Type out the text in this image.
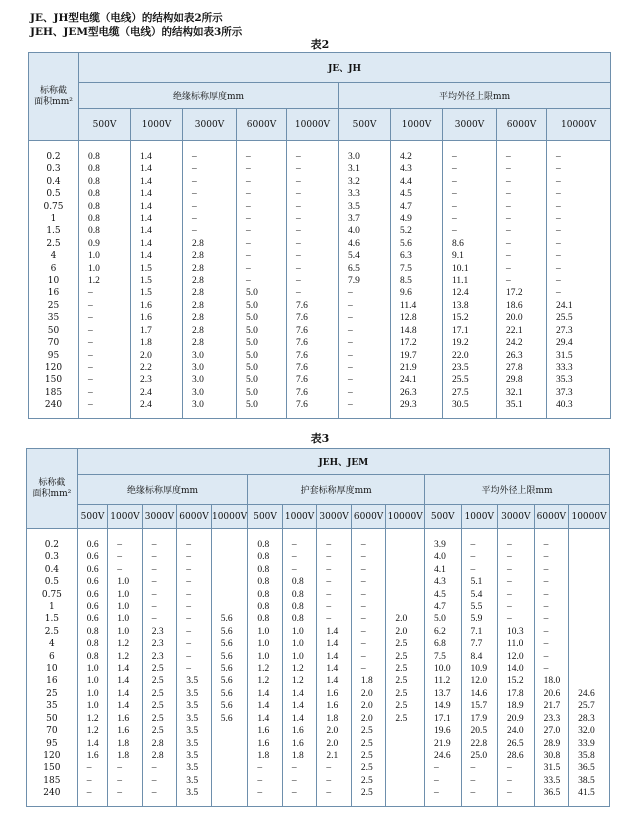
JE、JH型电缆（电线）的结构如表2所示
JEH、JEM型电缆（电线）的结构如表3所示
表2
标称截
面积mm²	JE、JH									
	绝缘标称厚度mm					平均外径上限mm				
	500V	1000V	3000V	6000V	10000V	500V	1000V	3000V	6000V	10000V
0.2	0.8	1.4	–	–	–	3.0	4.2	–	–	–
0.3	0.8	1.4	–	–	–	3.1	4.3	–	–	–
0.4	0.8	1.4	–	–	–	3.2	4.4	–	–	–
0.5	0.8	1.4	–	–	–	3.3	4.5	–	–	–
0.75	0.8	1.4	–	–	–	3.5	4.7	–	–	–
1	0.8	1.4	–	–	–	3.7	4.9	–	–	–
1.5	0.8	1.4	–	–	–	4.0	5.2	–	–	–
2.5	0.9	1.4	2.8	–	–	4.6	5.6	8.6	–	–
4	1.0	1.4	2.8	–	–	5.4	6.3	9.1	–	–
6	1.0	1.5	2.8	–	–	6.5	7.5	10.1	–	–
10	1.2	1.5	2.8	–	–	7.9	8.5	11.1	–	–
16	–	1.5	2.8	5.0	–	–	9.6	12.4	17.2	–
25	–	1.6	2.8	5.0	7.6	–	11.4	13.8	18.6	24.1
35	–	1.6	2.8	5.0	7.6	–	12.8	15.2	20.0	25.5
50	–	1.7	2.8	5.0	7.6	–	14.8	17.1	22.1	27.3
70	–	1.8	2.8	5.0	7.6	–	17.2	19.2	24.2	29.4
95	–	2.0	3.0	5.0	7.6	–	19.7	22.0	26.3	31.5
120	–	2.2	3.0	5.0	7.6	–	21.9	23.5	27.8	33.3
150	–	2.3	3.0	5.0	7.6	–	24.1	25.5	29.8	35.3
185	–	2.4	3.0	5.0	7.6	–	26.3	27.5	32.1	37.3
240	–	2.4	3.0	5.0	7.6	–	29.3	30.5	35.1	40.3
表3
标称截
面积mm²	JEH、JEM														
	绝缘标称厚度mm					护套标称厚度mm					平均外径上限mm				
	500V	1000V	3000V	6000V	10000V	500V	1000V	3000V	6000V	10000V	500V	1000V	3000V	6000V	10000V
0.2	0.6	–	–	–		0.8	–	–	–		3.9	–	–	–	
0.3	0.6	–	–	–		0.8	–	–	–		4.0	–	–	–	
0.4	0.6	–	–	–		0.8	–	–	–		4.1	–	–	–	
0.5	0.6	1.0	–	–		0.8	0.8	–	–		4.3	5.1	–	–	
0.75	0.6	1.0	–	–		0.8	0.8	–	–		4.5	5.4	–	–	
1	0.6	1.0	–	–		0.8	0.8	–	–		4.7	5.5	–	–	
1.5	0.6	1.0	–	–	5.6	0.8	0.8	–	–	2.0	5.0	5.9	–	–	
2.5	0.8	1.0	2.3	–	5.6	1.0	1.0	1.4	–	2.0	6.2	7.1	10.3	–	
4	0.8	1.2	2.3	–	5.6	1.0	1.0	1.4	–	2.5	6.8	7.7	11.0	–	
6	0.8	1.2	2.3	–	5.6	1.0	1.0	1.4	–	2.5	7.5	8.4	12.0	–	
10	1.0	1.4	2.5	–	5.6	1.2	1.2	1.4	–	2.5	10.0	10.9	14.0	–	
16	1.0	1.4	2.5	3.5	5.6	1.2	1.2	1.4	1.8	2.5	11.2	12.0	15.2	18.0	
25	1.0	1.4	2.5	3.5	5.6	1.4	1.4	1.6	2.0	2.5	13.7	14.6	17.8	20.6	24.6
35	1.0	1.4	2.5	3.5	5.6	1.4	1.4	1.6	2.0	2.5	14.9	15.7	18.9	21.7	25.7
50	1.2	1.6	2.5	3.5	5.6	1.4	1.4	1.8	2.0	2.5	17.1	17.9	20.9	23.3	28.3
70	1.2	1.6	2.5	3.5		1.6	1.6	2.0	2.5		19.6	20.5	24.0	27.0	32.0
95	1.4	1.8	2.8	3.5		1.6	1.6	2.0	2.5		21.9	22.8	26.5	28.9	33.9
120	1.6	1.8	2.8	3.5		1.8	1.8	2.1	2.5		24.6	25.0	28.6	30.8	35.8
150	–	–	–	3.5		–	–	–	2.5		–	–	–	31.5	36.5
185	–	–	–	3.5		–	–	–	2.5		–	–	–	33.5	38.5
240	–	–	–	3.5		–	–	–	2.5		–	–	–	36.5	41.5
